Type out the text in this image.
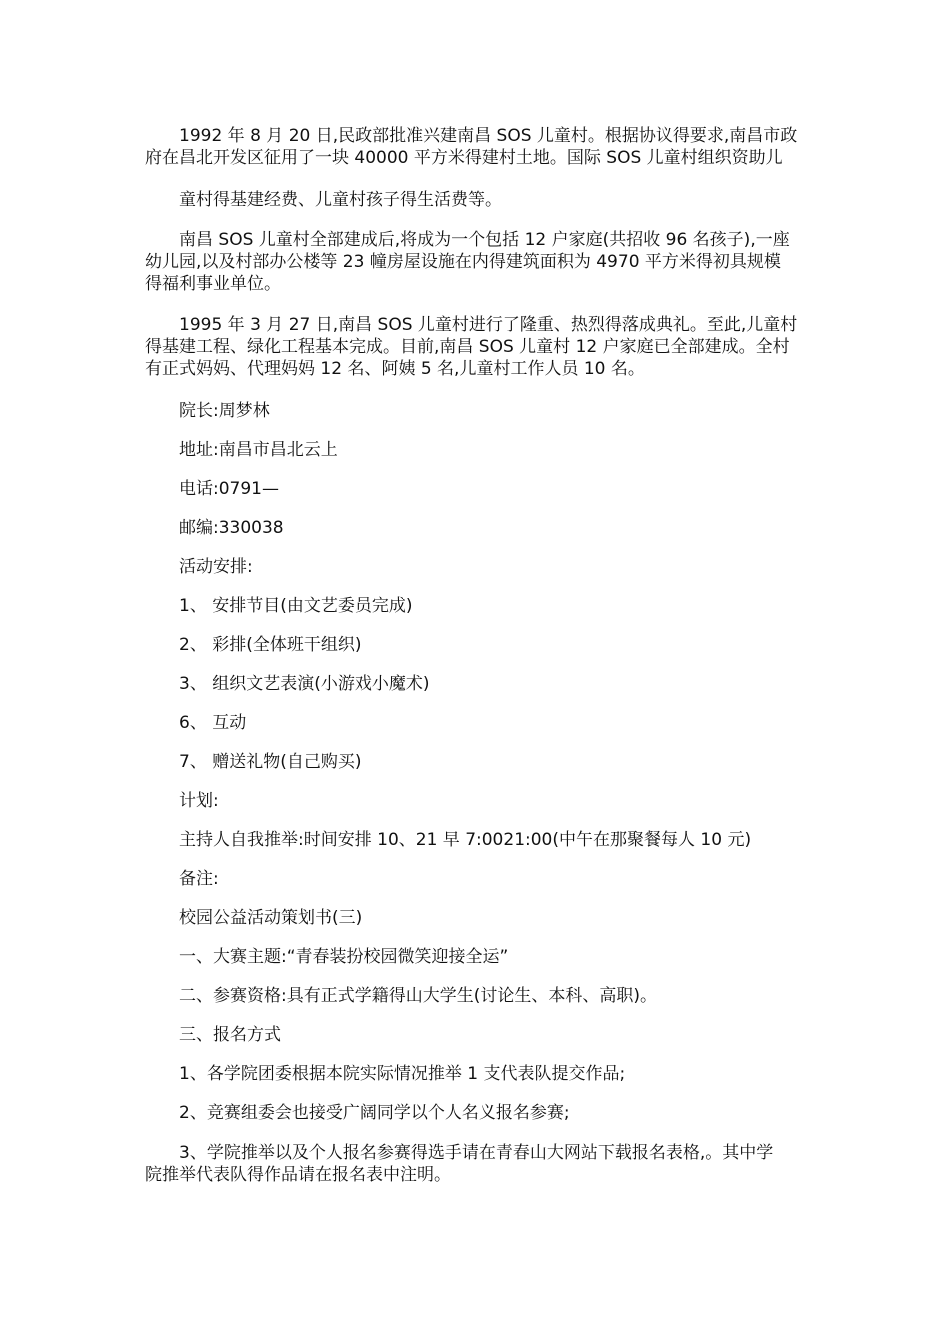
1992 年 8 月 20 日,民政部批准兴建南昌 SOS 儿童村。根据协议得要求,南昌市政
府在昌北开发区征用了一块 40000 平方米得建村土地。国际 SOS 儿童村组织资助儿

童村得基建经费、儿童村孩子得生活费等。

南昌 SOS 儿童村全部建成后,将成为一个包括 12 户家庭(共招收 96 名孩子),一座
幼儿园,以及村部办公楼等 23 幢房屋设施在内得建筑面积为 4970 平方米得初具规模
得福利事业单位。

1995 年 3 月 27 日,南昌 SOS 儿童村进行了隆重、热烈得落成典礼。至此,儿童村
得基建工程、绿化工程基本完成。目前,南昌 SOS 儿童村 12 户家庭已全部建成。全村
有正式妈妈、代理妈妈 12 名、阿姨 5 名,儿童村工作人员 10 名。

院长:周梦林

地址:南昌市昌北云上

电话:0791—

邮编:330038

活动安排:

1、 安排节目(由文艺委员完成)

2、 彩排(全体班干组织)

3、 组织文艺表演(小游戏小魔术)

6、 互动

7、 赠送礼物(自己购买)

计划:

主持人自我推举:时间安排 10、21 早 7:0021:00(中午在那聚餐每人 10 元)

备注:

校园公益活动策划书(三)

一、大赛主题:“青春装扮校园微笑迎接全运”

二、参赛资格:具有正式学籍得山大学生(讨论生、本科、高职)。

三、报名方式

1、各学院团委根据本院实际情况推举 1 支代表队提交作品;

2、竞赛组委会也接受广阔同学以个人名义报名参赛;

3、学院推举以及个人报名参赛得选手请在青春山大网站下载报名表格,。其中学
院推举代表队得作品请在报名表中注明。
